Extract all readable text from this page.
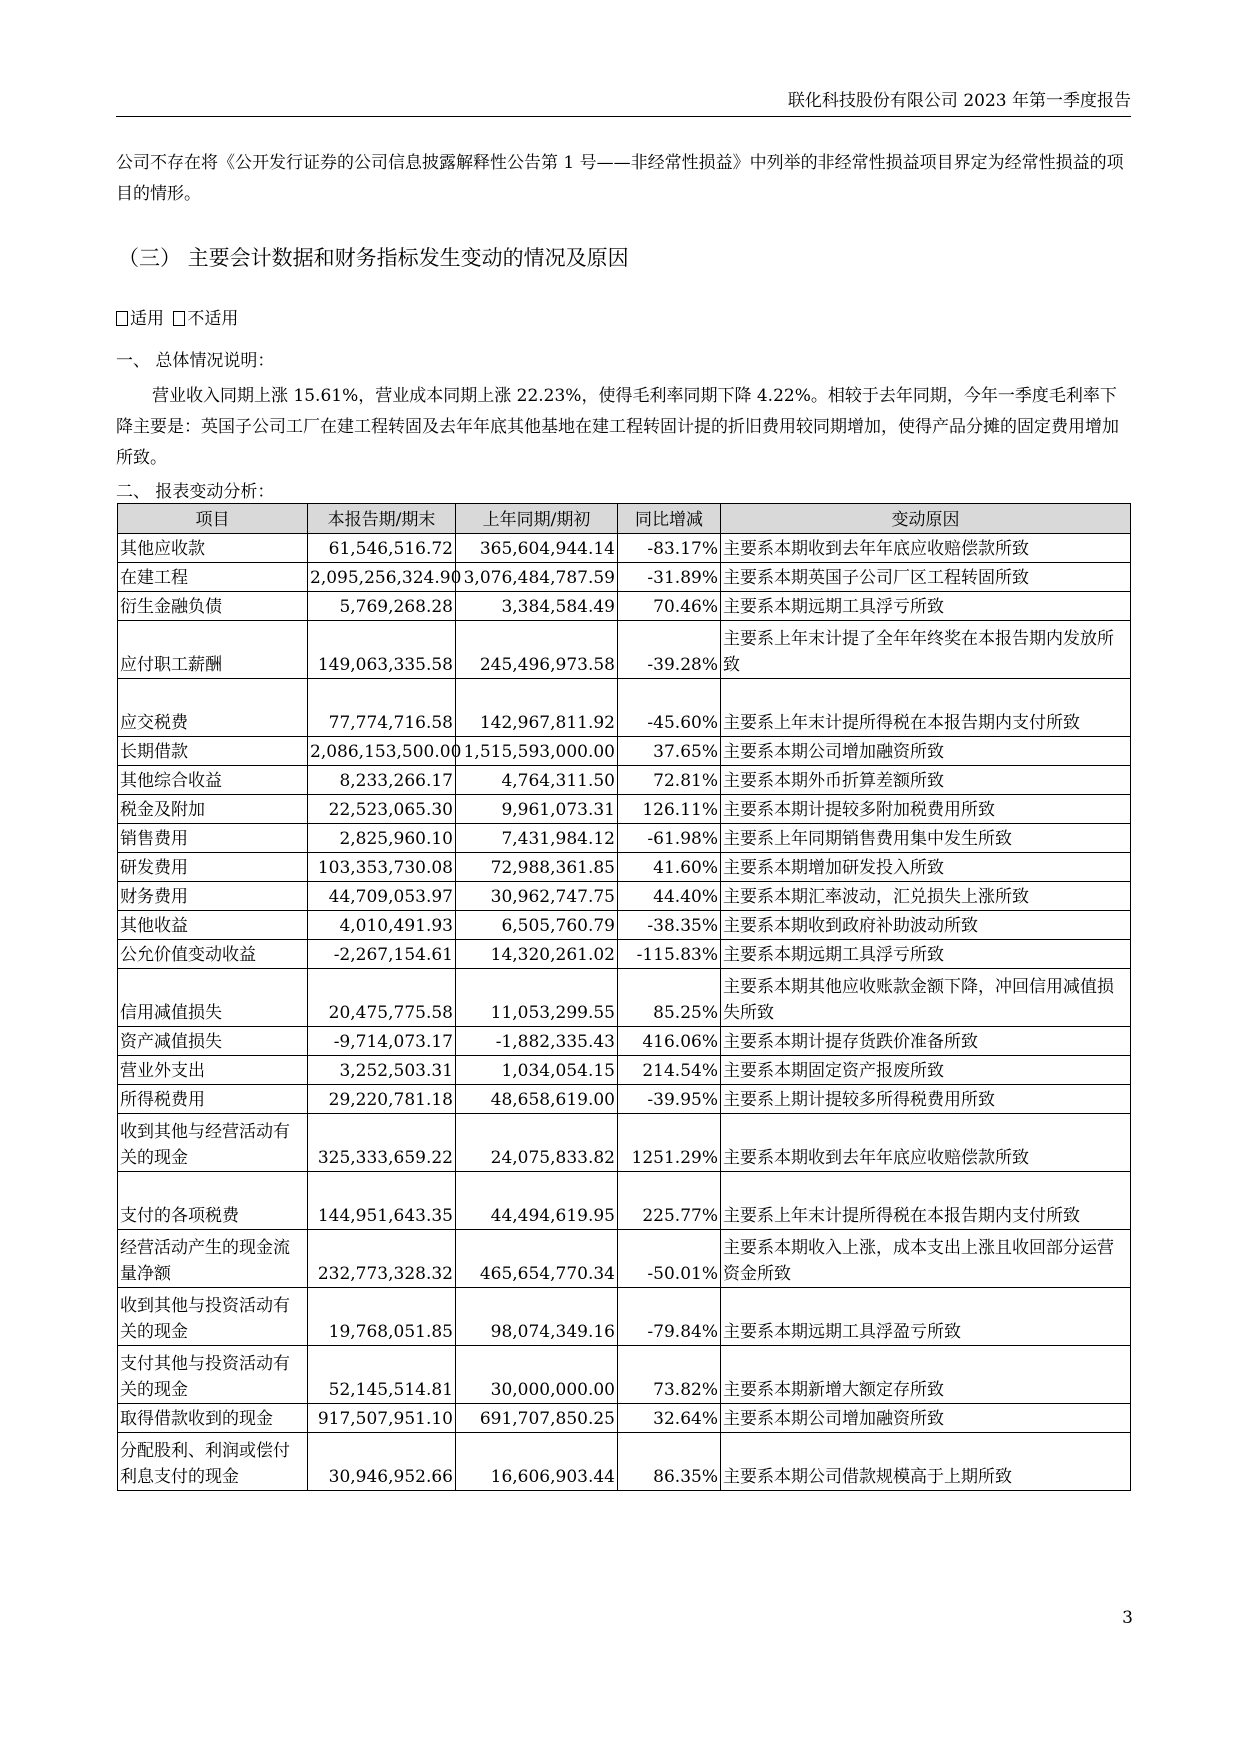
联化科技股份有限公司 2023 年第一季度报告
公司不存在将《公开发行证券的公司信息披露解释性公告第 1 号——非经常性损益》中列举的非经常性损益项目界定为经常性损益的项目的情形。
（三） 主要会计数据和财务指标发生变动的情况及原因
适用 不适用
一、 总体情况说明：
营业收入同期上涨 15.61%，营业成本同期上涨 22.23%，使得毛利率同期下降 4.22%。相较于去年同期，今年一季度毛利率下降主要是：英国子公司工厂在建工程转固及去年年底其他基地在建工程转固计提的折旧费用较同期增加，使得产品分摊的固定费用增加所致。
二、 报表变动分析：
项目	本报告期/期末	上年同期/期初	同比增减	变动原因
其他应收款	61,546,516.72	365,604,944.14	-83.17%	主要系本期收到去年年底应收赔偿款所致
在建工程	2,095,256,324.90	3,076,484,787.59	-31.89%	主要系本期英国子公司厂区工程转固所致
衍生金融负债	5,769,268.28	3,384,584.49	70.46%	主要系本期远期工具浮亏所致
应付职工薪酬	149,063,335.58	245,496,973.58	-39.28%	主要系上年末计提了全年年终奖在本报告期内发放所致
应交税费	77,774,716.58	142,967,811.92	-45.60%	主要系上年末计提所得税在本报告期内支付所致
长期借款	2,086,153,500.00	1,515,593,000.00	37.65%	主要系本期公司增加融资所致
其他综合收益	8,233,266.17	4,764,311.50	72.81%	主要系本期外币折算差额所致
税金及附加	22,523,065.30	9,961,073.31	126.11%	主要系本期计提较多附加税费用所致
销售费用	2,825,960.10	7,431,984.12	-61.98%	主要系上年同期销售费用集中发生所致
研发费用	103,353,730.08	72,988,361.85	41.60%	主要系本期增加研发投入所致
财务费用	44,709,053.97	30,962,747.75	44.40%	主要系本期汇率波动，汇兑损失上涨所致
其他收益	4,010,491.93	6,505,760.79	-38.35%	主要系本期收到政府补助波动所致
公允价值变动收益	-2,267,154.61	14,320,261.02	-115.83%	主要系本期远期工具浮亏所致
信用减值损失	20,475,775.58	11,053,299.55	85.25%	主要系本期其他应收账款金额下降，冲回信用减值损失所致
资产减值损失	-9,714,073.17	-1,882,335.43	416.06%	主要系本期计提存货跌价准备所致
营业外支出	3,252,503.31	1,034,054.15	214.54%	主要系本期固定资产报废所致
所得税费用	29,220,781.18	48,658,619.00	-39.95%	主要系上期计提较多所得税费用所致
收到其他与经营活动有关的现金	325,333,659.22	24,075,833.82	1251.29%	主要系本期收到去年年底应收赔偿款所致
支付的各项税费	144,951,643.35	44,494,619.95	225.77%	主要系上年末计提所得税在本报告期内支付所致
经营活动产生的现金流量净额	232,773,328.32	465,654,770.34	-50.01%	主要系本期收入上涨，成本支出上涨且收回部分运营资金所致
收到其他与投资活动有关的现金	19,768,051.85	98,074,349.16	-79.84%	主要系本期远期工具浮盈亏所致
支付其他与投资活动有关的现金	52,145,514.81	30,000,000.00	73.82%	主要系本期新增大额定存所致
取得借款收到的现金	917,507,951.10	691,707,850.25	32.64%	主要系本期公司增加融资所致
分配股利、利润或偿付利息支付的现金	30,946,952.66	16,606,903.44	86.35%	主要系本期公司借款规模高于上期所致
3
